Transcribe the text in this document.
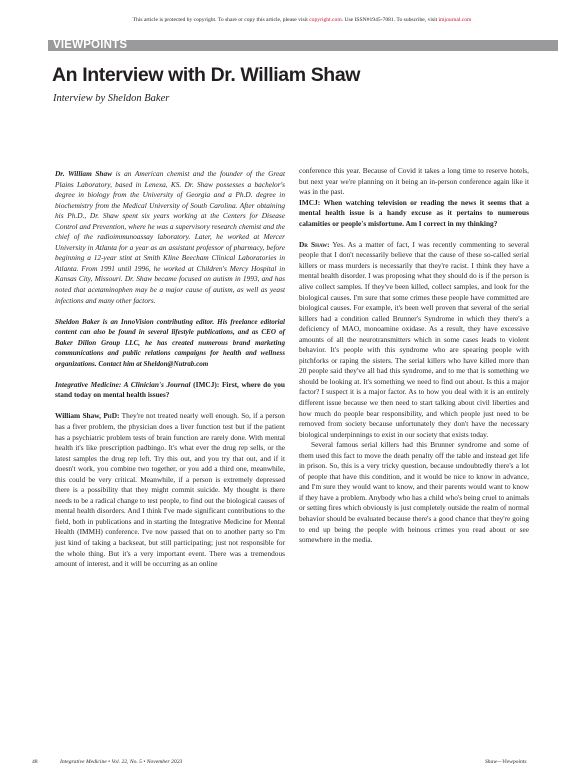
This article is protected by copyright. To share or copy this article, please visit copyright.com. Use ISSN#1945-7081. To subscribe, visit imjournal.com
VIEWPOINTS
An Interview with Dr. William Shaw
Interview by Sheldon Baker

Dr. William Shaw is an American chemist and the founder of the Great Plains Laboratory, based in Lenexa, KS. Dr. Shaw possesses a bachelor's degree in biology from the University of Georgia and a Ph.D. degree in biochemistry from the Medical University of South Carolina. After obtaining his Ph.D., Dr. Shaw spent six years working at the Centers for Disease Control and Prevention, where he was a supervisory research chemist and the chief of the radioimmunoassay laboratory. Later, he worked at Mercer University in Atlanta for a year as an assistant professor of pharmacy, before beginning a 12-year stint at Smith Kline Beecham Clinical Laboratories in Atlanta. From 1991 until 1996, he worked at Children's Mercy Hospital in Kansas City, Missouri. Dr. Shaw became focused on autism in 1993, and has noted that acetaminophen may be a major cause of autism, as well as yeast infections and many other factors.

Sheldon Baker is an InnoVision contributing editor. His freelance editorial content can also be found in several lifestyle publications, and as CEO of Baker Dillon Group LLC, he has created numerous brand marketing communications and public relations campaigns for health and wellness organizations. Contact him at Sheldon@Nutrab.com

Integrative Medicine: A Clinician's Journal (IMCJ): First, where do you stand today on mental health issues?

William Shaw, PhD: They're not treated nearly well enough. So, if a person has a fiver problem, the physician does a liver function test but if the patient has a psychiatric problem tests of brain function are rarely done. With mental health it's like prescription padbingo. It's what ever the drug rep sells, or the latest samples the drug rep left. Try this out, and you try that out, and if it doesn't work, you combine two together, or you add a third one, meanwhile, this could be very critical. Meanwhile, if a person is extremely depressed there is a possibility that they might commit suicide. My thought is there needs to be a radical change to test people, to find out the biological causes of mental health disorders. And I think I've made significant contributions to the field, both in publications and in starting the Integrative Medicine for Mental Health (IMMH) conference. I've now passed that on to another party so I'm just kind of taking a backseat, but still participating; just not responsible for the whole thing. But it's a very important event. There was a tremendous amount of interest, and it will be occurring as an online

conference this year. Because of Covid it takes a long time to reserve hotels, but next year we're planning on it being an in-person conference again like it was in the past.

IMCJ: When watching television or reading the news it seems that a mental health issue is a handy excuse as it pertains to numerous calamities or people's misfortune. Am I correct in my thinking?

Dr Shaw: Yes. As a matter of fact, I was recently commenting to several people that I don't necessarily believe that the cause of these so-called serial killers or mass murders is necessarily that they're racist. I think they have a mental health disorder. I was proposing what they should do is if the person is alive collect samples. If they've been killed, collect samples, and look for the biological causes. I'm sure that some crimes these people have committed are biological causes. For example, it's been well proven that several of the serial killers had a condition called Brunner's Syndrome in which they there's a deficiency of MAO, monoamine oxidase. As a result, they have excessive amounts of all the neurotransmitters which in some cases leads to violent behavior. It's people with this syndrome who are spearing people with pitchforks or raping the sisters. The serial killers who have killed more than 20 people said they've all had this syndrome, and to me that is something we should be looking at. It's something we need to find out about. Is this a major factor? I suspect it is a major factor. As to how you deal with it is an entirely different issue because we then need to start talking about civil liberties and how much do people bear responsibility, and which people just need to be removed from society because unfortunately they don't have the necessary biological underpinnings to exist in our society that exists today.

Several famous serial killers had this Brunner syndrome and some of them used this fact to move the death penalty off the table and instead get life in prison. So, this is a very tricky question, because undoubtedly there's a lot of people that have this condition, and it would be nice to know in advance, and I'm sure they would want to know, and their parents would want to know if they have a problem. Anybody who has a child who's being cruel to animals or setting fires which obviously is just completely outside the realm of normal behavior should be evaluated because there's a good chance that they're going to end up being the people with heinous crimes you read about or see somewhere in the media.

48	Integrative Medicine • Vol. 22, No. 5 • November 2023	Shaw—Viewpoints
